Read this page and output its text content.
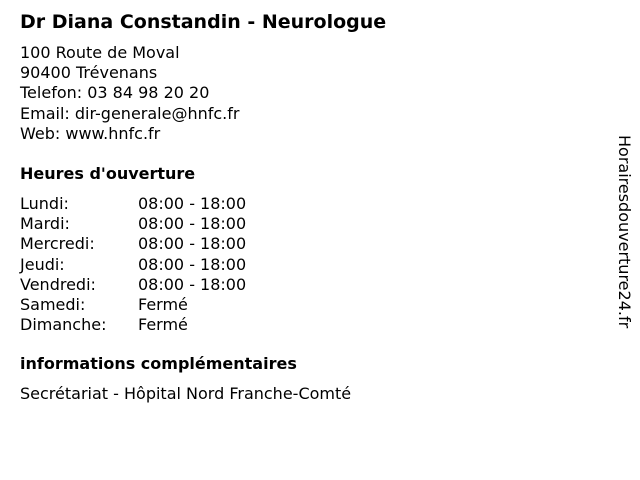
Dr Diana Constandin - Neurologue
100 Route de Moval
90400 Trévenans
Telefon: 03 84 98 20 20
Email: dir-generale@hnfc.fr
Web: www.hnfc.fr
Heures d'ouverture
Lundi:	08:00 - 18:00
Mardi:	08:00 - 18:00
Mercredi:	08:00 - 18:00
Jeudi:	08:00 - 18:00
Vendredi:	08:00 - 18:00
Samedi:	Fermé
Dimanche:	Fermé
informations complémentaires
Secrétariat - Hôpital Nord Franche-Comté
Horairesdouverture24.fr
